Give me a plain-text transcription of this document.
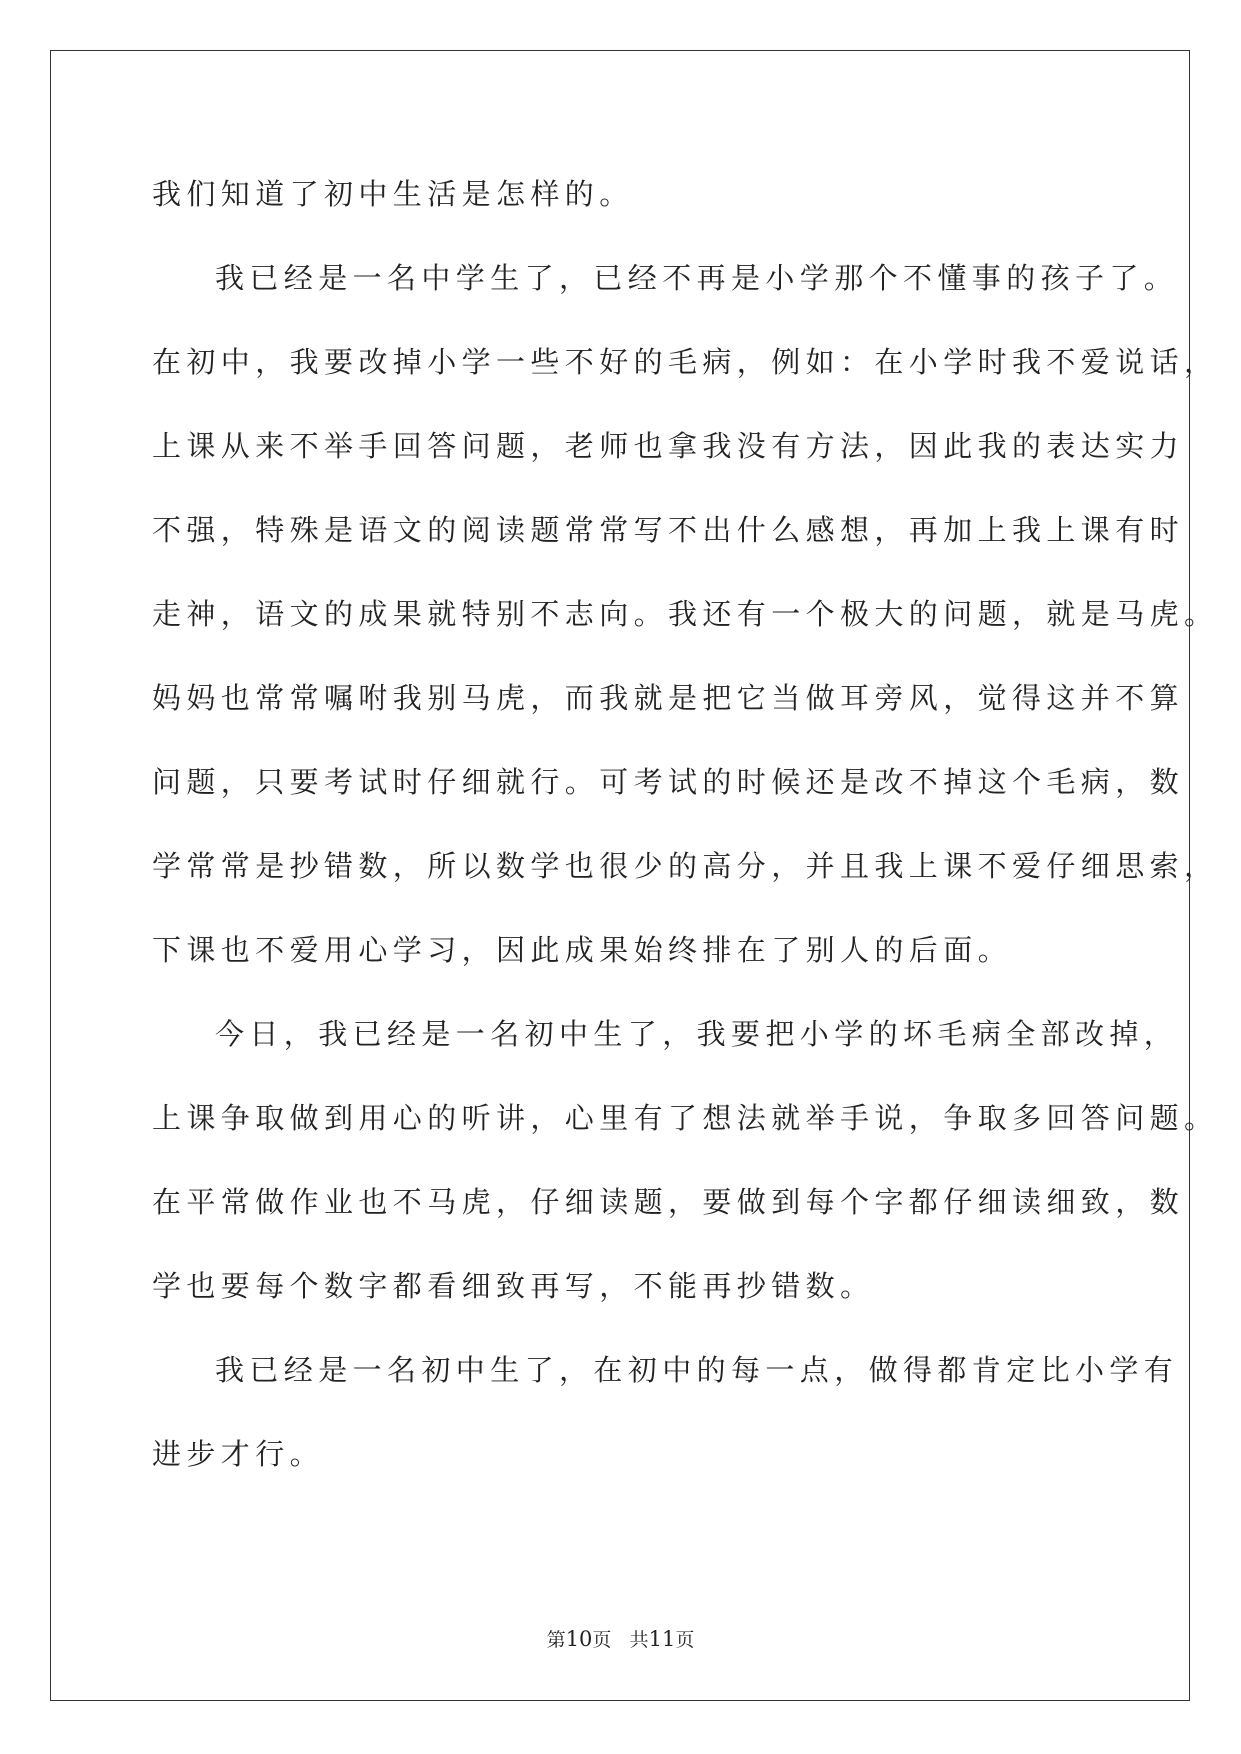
我们知道了初中生活是怎样的。
我已经是一名中学生了，已经不再是小学那个不懂事的孩子了。
在初中，我要改掉小学一些不好的毛病，例如：在小学时我不爱说话，
上课从来不举手回答问题，老师也拿我没有方法，因此我的表达实力
不强，特殊是语文的阅读题常常写不出什么感想，再加上我上课有时
走神，语文的成果就特别不志向。我还有一个极大的问题，就是马虎。
妈妈也常常嘱咐我别马虎，而我就是把它当做耳旁风，觉得这并不算
问题，只要考试时仔细就行。可考试的时候还是改不掉这个毛病，数
学常常是抄错数，所以数学也很少的高分，并且我上课不爱仔细思索，
下课也不爱用心学习，因此成果始终排在了别人的后面。
今日，我已经是一名初中生了，我要把小学的坏毛病全部改掉，
上课争取做到用心的听讲，心里有了想法就举手说，争取多回答问题。
在平常做作业也不马虎，仔细读题，要做到每个字都仔细读细致，数
学也要每个数字都看细致再写，不能再抄错数。
我已经是一名初中生了，在初中的每一点，做得都肯定比小学有
进步才行。
第10页 共11页
